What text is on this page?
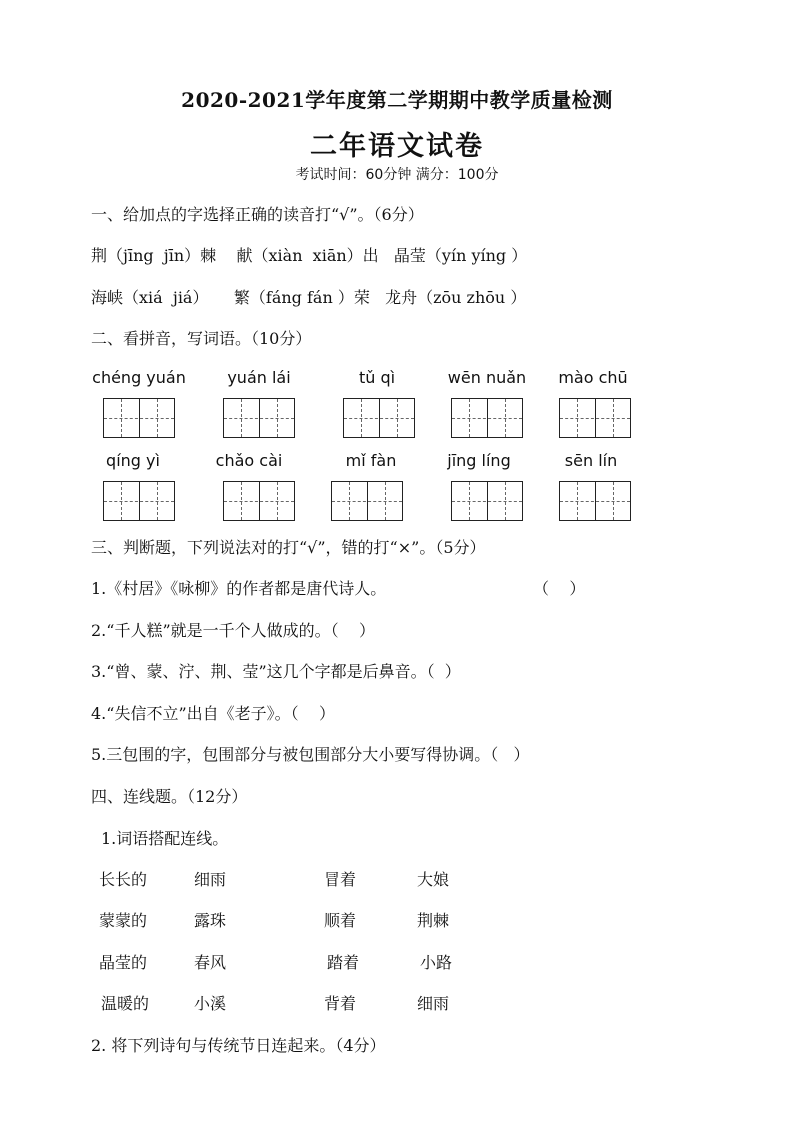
2020-2021学年度第二学期期中教学质量检测
二年语文试卷
考试时间：60分钟 满分：100分
一、给加点的字选择正确的读音打“√”。（6分）
荆（jīng  jīn）棘    献（xiàn  xiān）出   晶莹（yín yíng ）
海峡（xiá  jiá）     繁（fáng fán ）荣   龙舟（zōu zhōu ）
二、看拼音，写词语。（10分）
chéng yuán	yuán lái	tǔ qì	wēn nuǎn	mào chū
qíng yì	chǎo cài	mǐ fàn	jīng líng	sēn lín
三、判断题，下列说法对的打“√”，错的打“×”。（5分）
1.《村居》《咏柳》的作者都是唐代诗人。	（    ）
2.“千人糕”就是一千个人做成的。（    ）
3.“曾、蒙、泞、荆、莹”这几个字都是后鼻音。（  ）
4.“失信不立”出自《老子》。（    ）
5.三包围的字，包围部分与被包围部分大小要写得协调。（   ）
四、连线题。（12分）
1.词语搭配连线。
长长的	细雨	冒着	大娘
蒙蒙的	露珠	顺着	荆棘
晶莹的	春风	踏着	小路
温暖的	小溪	背着	细雨
2. 将下列诗句与传统节日连起来。（4分）
